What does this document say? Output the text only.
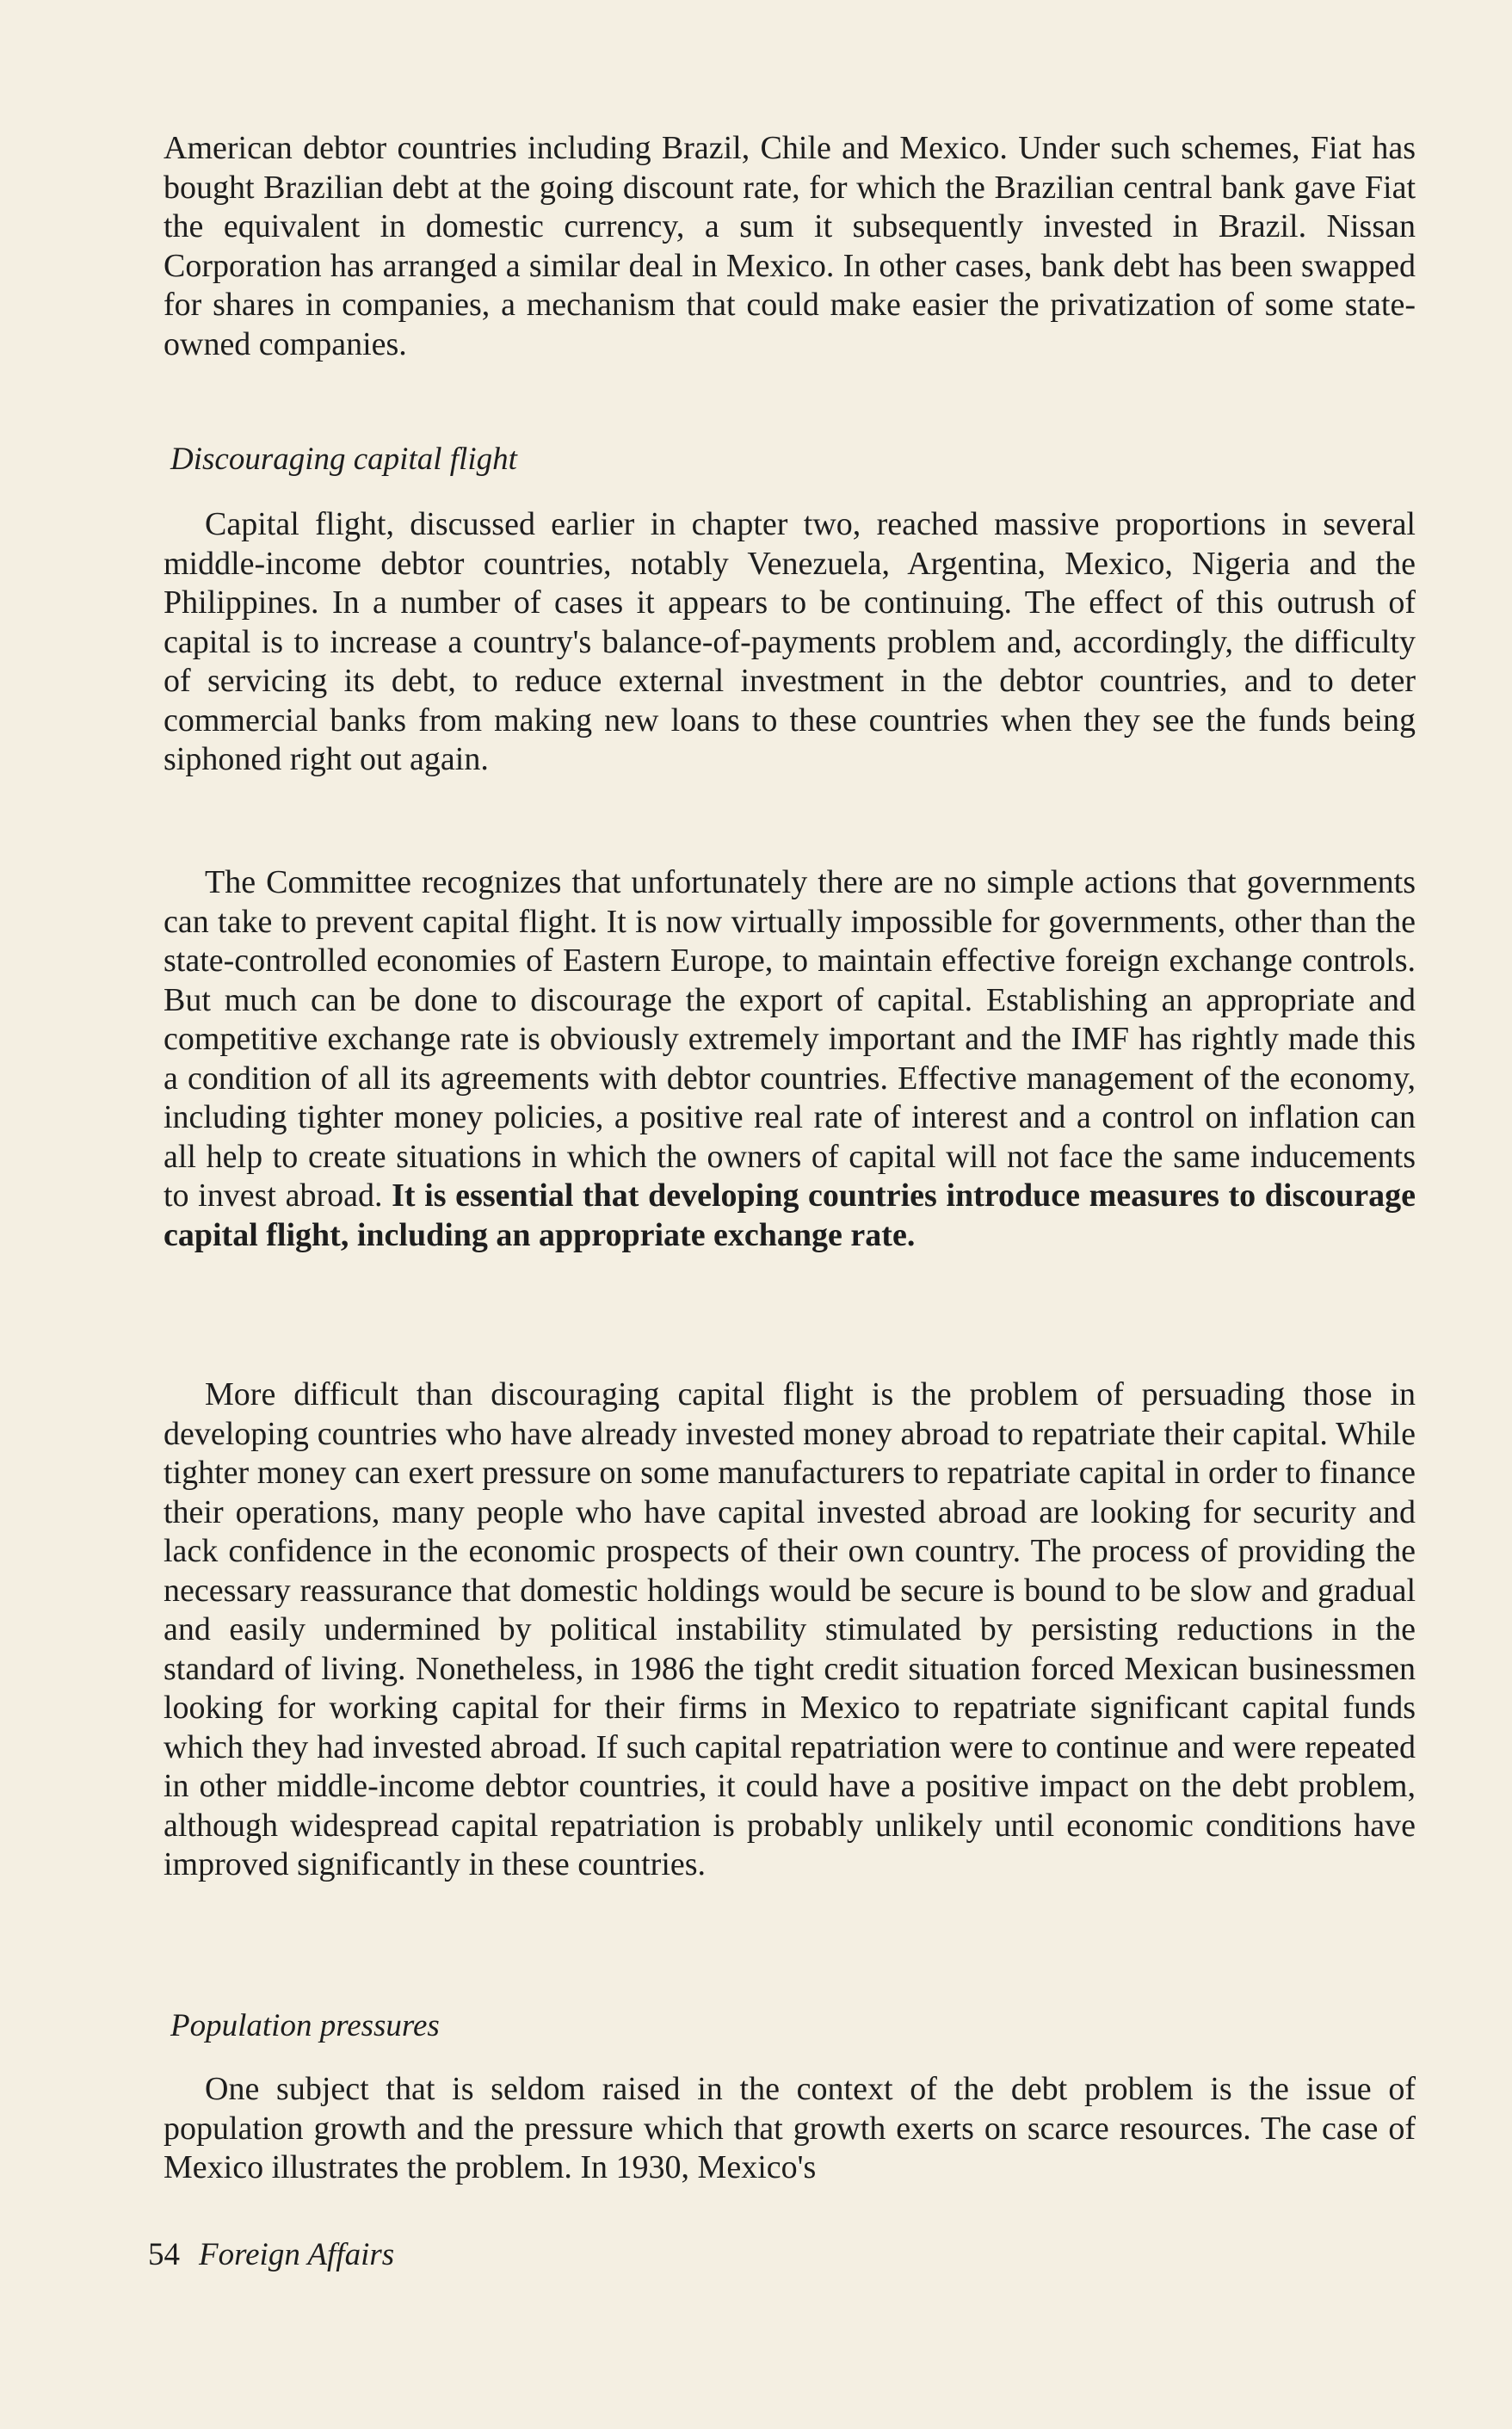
American debtor countries including Brazil, Chile and Mexico. Under such schemes, Fiat has bought Brazilian debt at the going discount rate, for which the Brazilian central bank gave Fiat the equivalent in domestic currency, a sum it subsequently invested in Brazil. Nissan Corporation has arranged a similar deal in Mexico. In other cases, bank debt has been swapped for shares in companies, a mechanism that could make easier the privatization of some state-owned companies.

Discouraging capital flight

Capital flight, discussed earlier in chapter two, reached massive proportions in several middle-income debtor countries, notably Venezuela, Argentina, Mexico, Nigeria and the Philippines. In a number of cases it appears to be continuing. The effect of this outrush of capital is to increase a country's balance-of-payments problem and, accordingly, the difficulty of servicing its debt, to reduce external investment in the debtor countries, and to deter commercial banks from making new loans to these countries when they see the funds being siphoned right out again.

The Committee recognizes that unfortunately there are no simple actions that governments can take to prevent capital flight. It is now virtually impossible for governments, other than the state-controlled economies of Eastern Europe, to maintain effective foreign exchange controls. But much can be done to discourage the export of capital. Establishing an appropriate and competitive exchange rate is obviously extremely important and the IMF has rightly made this a condition of all its agreements with debtor countries. Effective management of the economy, including tighter money policies, a positive real rate of interest and a control on inflation can all help to create situations in which the owners of capital will not face the same inducements to invest abroad. It is essential that developing countries introduce measures to discourage capital flight, including an appropriate exchange rate.

More difficult than discouraging capital flight is the problem of persuading those in developing countries who have already invested money abroad to repatriate their capital. While tighter money can exert pressure on some manufacturers to repatriate capital in order to finance their operations, many people who have capital invested abroad are looking for security and lack confidence in the economic prospects of their own country. The process of providing the necessary reassurance that domestic holdings would be secure is bound to be slow and gradual and easily undermined by political instability stimulated by persisting reductions in the standard of living. Nonetheless, in 1986 the tight credit situation forced Mexican businessmen looking for working capital for their firms in Mexico to repatriate significant capital funds which they had invested abroad. If such capital repatriation were to continue and were repeated in other middle-income debtor countries, it could have a positive impact on the debt problem, although widespread capital repatriation is probably unlikely until economic conditions have improved significantly in these countries.

Population pressures

One subject that is seldom raised in the context of the debt problem is the issue of population growth and the pressure which that growth exerts on scarce resources. The case of Mexico illustrates the problem. In 1930, Mexico's

54 Foreign Affairs
